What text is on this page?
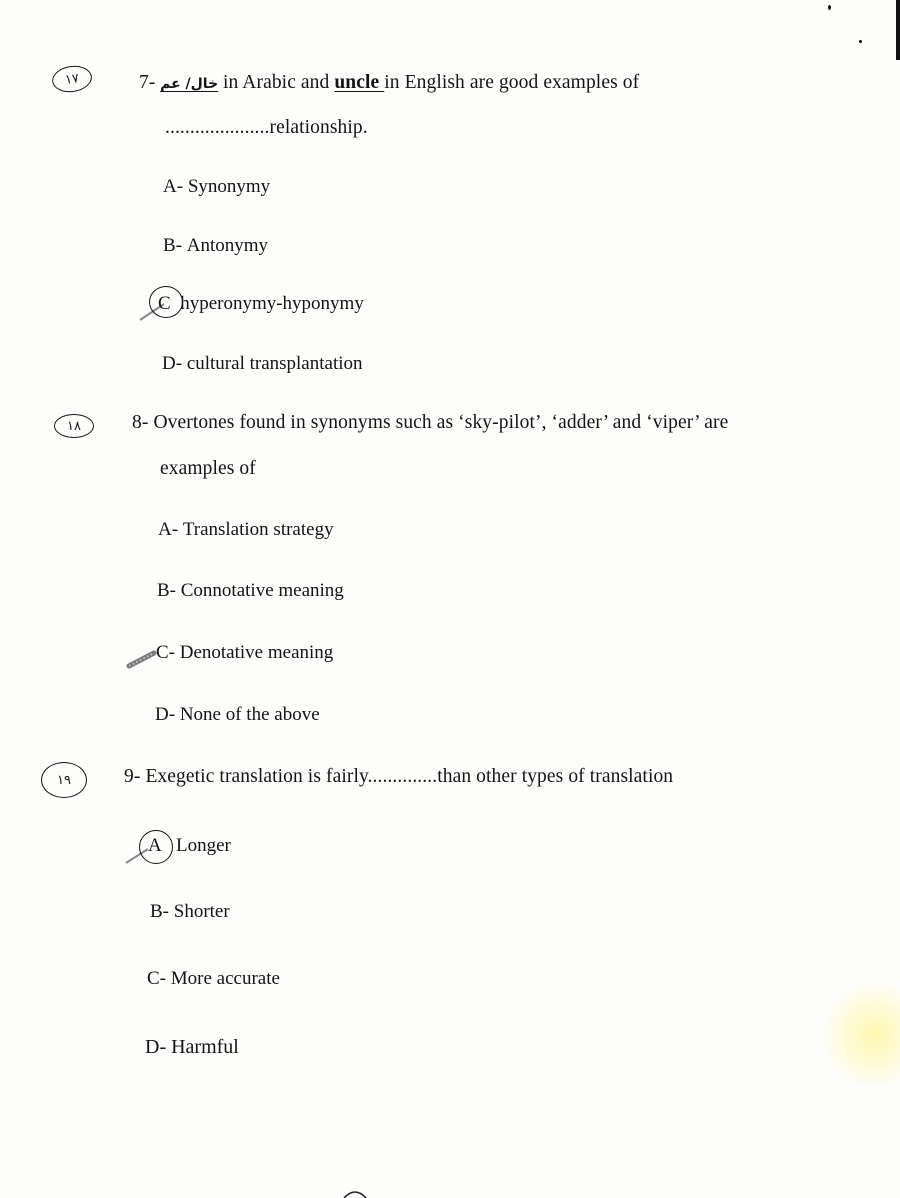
١٧	7- خال/ عم in Arabic and uncle in English are good examples of
.....................relationship.
A- Synonymy
B- Antonymy
C hyperonymy-hyponymy
D- cultural transplantation
١٨	8- Overtones found in synonyms such as ‘sky-pilot’, ‘adder’ and ‘viper’ are
examples of
A- Translation strategy
B- Connotative meaning
C- Denotative meaning
D- None of the above
١٩	9- Exegetic translation is fairly..............than other types of translation
A Longer
B- Shorter
C- More accurate
D- Harmful
